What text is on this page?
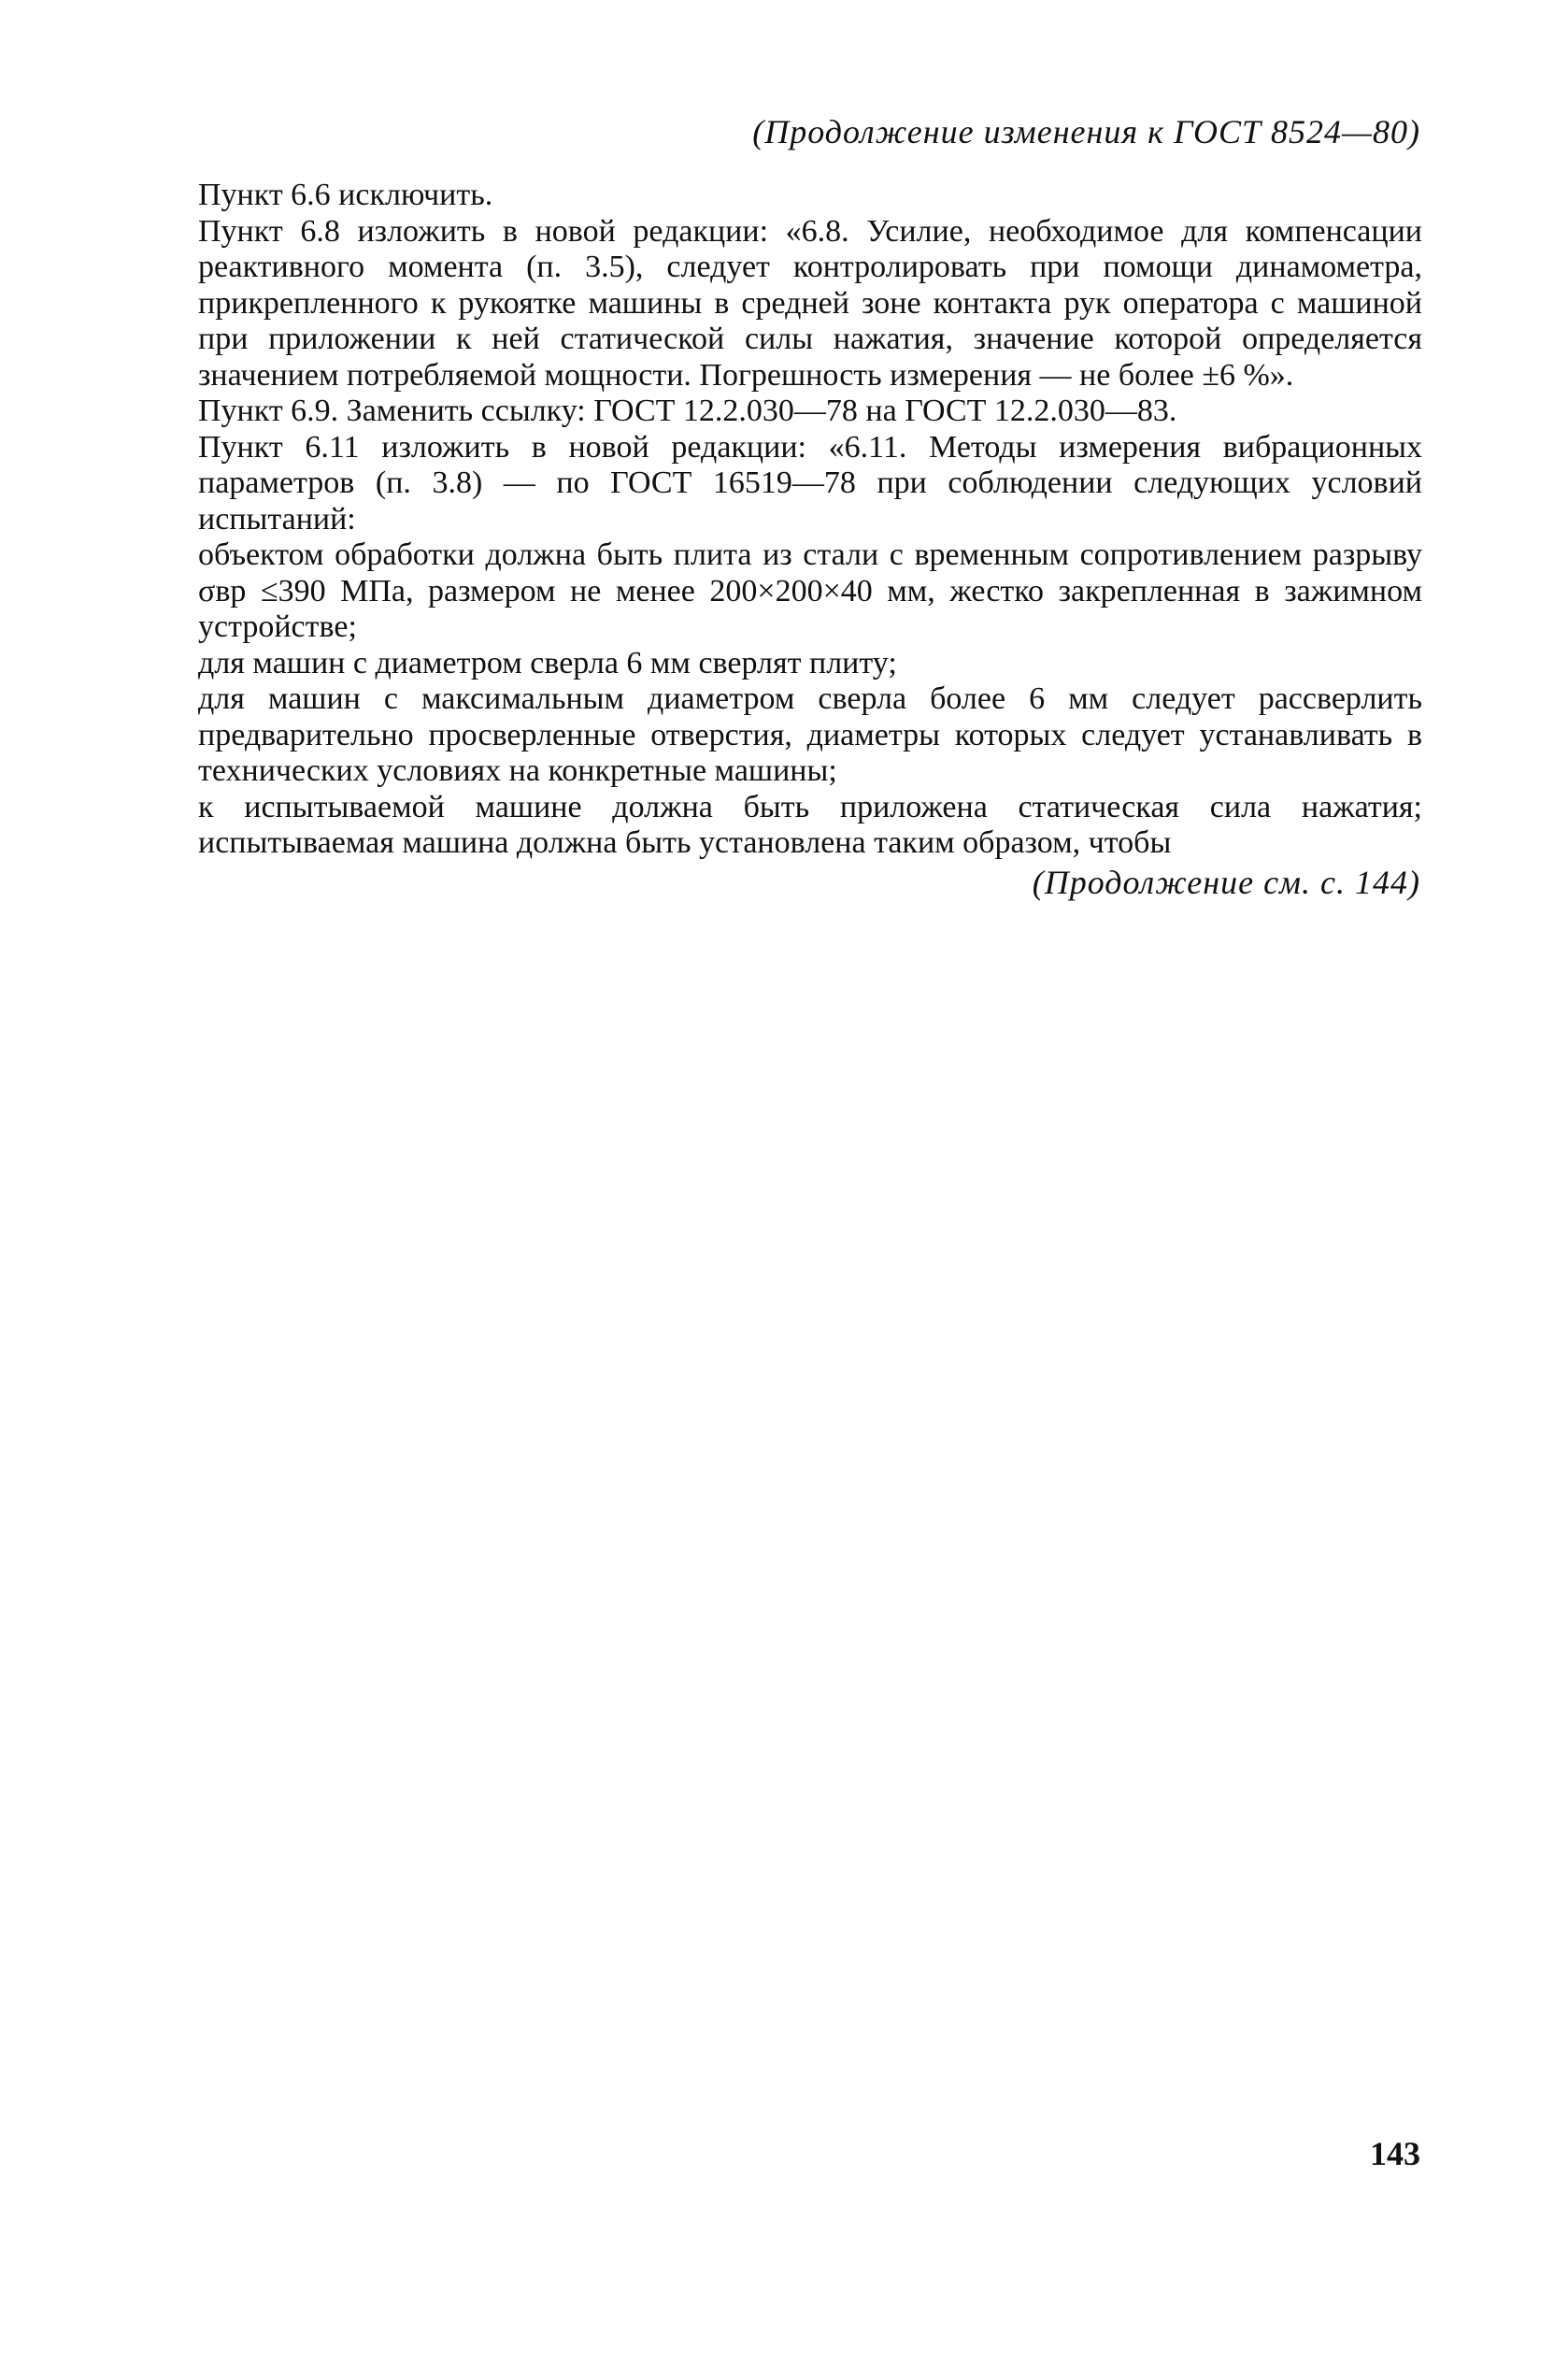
(Продолжение изменения к ГОСТ 8524—80)

Пункт 6.6 исключить.

Пункт 6.8 изложить в новой редакции: «6.8. Усилие, необходимое для компенсации реактивного момента (п. 3.5), следует контролировать при помощи динамометра, прикрепленного к рукоятке машины в средней зоне контакта рук оператора с машиной при приложении к ней статической силы нажатия, значение которой определяется значением потребляемой мощности. Погрешность измерения — не более ±6 %».

Пункт 6.9. Заменить ссылку: ГОСТ 12.2.030—78 на ГОСТ 12.2.030—83.

Пункт 6.11 изложить в новой редакции: «6.11. Методы измерения вибрационных параметров (п. 3.8) — по ГОСТ 16519—78 при соблюдении следующих условий испытаний:

объектом обработки должна быть плита из стали с временным сопротивлением разрыву σвр ≤390 МПа, размером не менее 200×200×40 мм, жестко закрепленная в зажимном устройстве;

для машин с диаметром сверла 6 мм сверлят плиту;

для машин с максимальным диаметром сверла более 6 мм следует рассверлить предварительно просверленные отверстия, диаметры которых следует устанавливать в технических условиях на конкретные машины;

к испытываемой машине должна быть приложена статическая сила нажатия; испытываемая машина должна быть установлена таким образом, чтобы

(Продолжение см. с. 144)
143
